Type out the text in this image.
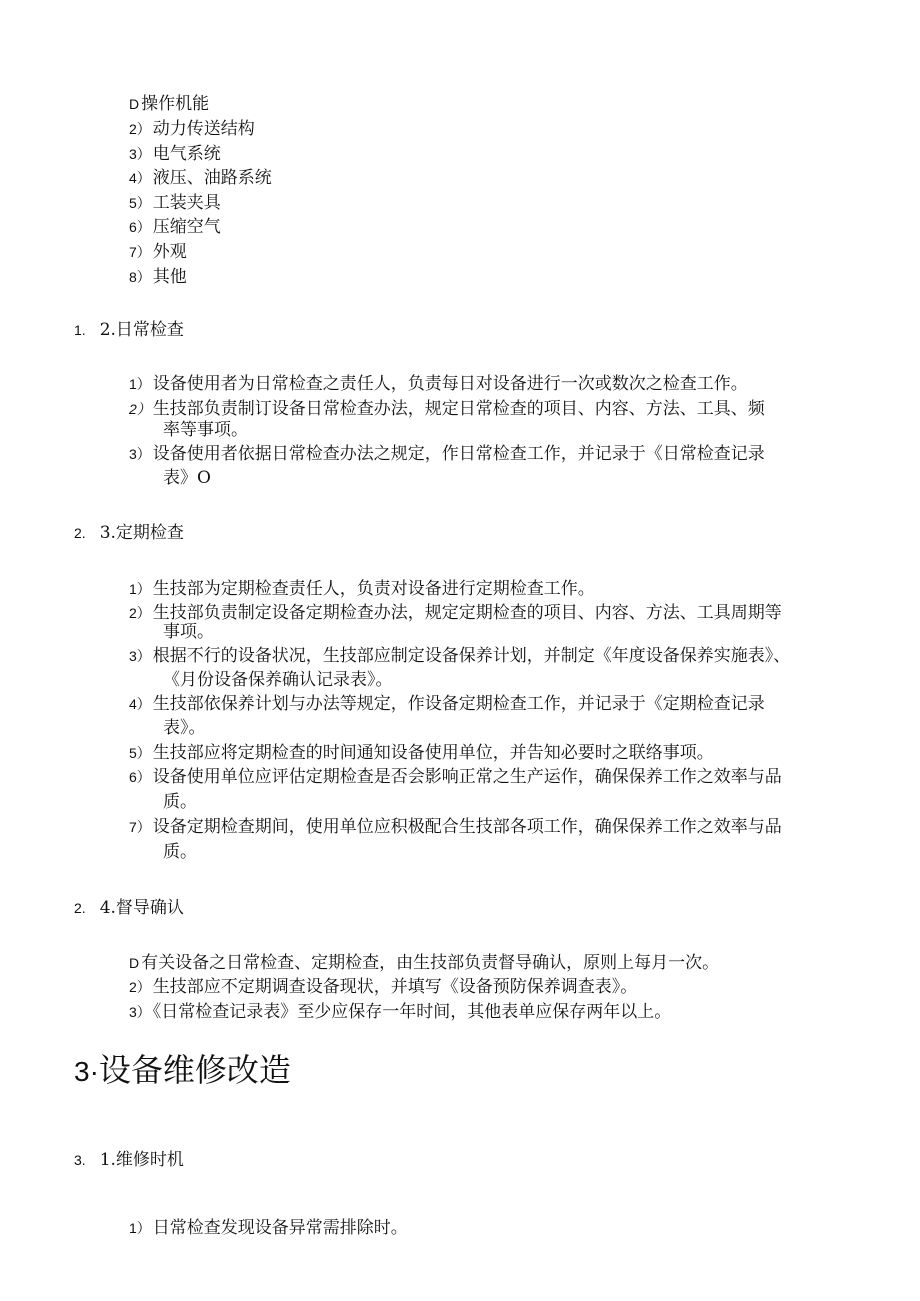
D 操作机能

2） 动力传送结构

3） 电气系统

4） 液压、油路系统

5） 工装夹具

6） 压缩空气

7） 外观

8） 其他

1. 2.日常检查

1） 设备使用者为日常检查之责任人，负责每日对设备进行一次或数次之检查工作。

2） 生技部负责制订设备日常检查办法，规定日常检查的项目、内容、方法、工具、频

率等事项。

3） 设备使用者依据日常检查办法之规定，作日常检查工作，并记录于《日常检查记录

表》O

2. 3.定期检查

1） 生技部为定期检查责任人，负责对设备进行定期检查工作。

2） 生技部负责制定设备定期检查办法，规定定期检查的项目、内容、方法、工具周期等

事项。

3） 根据不行的设备状况，生技部应制定设备保养计划，并制定《年度设备保养实施表》、

《月份设备保养确认记录表》。

4） 生技部依保养计划与办法等规定，作设备定期检查工作，并记录于《定期检查记录

表》。

5） 生技部应将定期检查的时间通知设备使用单位，并告知必要时之联络事项。

6） 设备使用单位应评估定期检查是否会影响正常之生产运作，确保保养工作之效率与品

质。

7） 设备定期检查期间，使用单位应积极配合生技部各项工作，确保保养工作之效率与品

质。

2. 4.督导确认

D 有关设备之日常检查、定期检查，由生技部负责督导确认，原则上每月一次。

2） 生技部应不定期调查设备现状，并填写《设备预防保养调查表》。

3） 《日常检查记录表》至少应保存一年时间，其他表单应保存两年以上。

3·设备维修改造

3. 1.维修时机

1） 日常检查发现设备异常需排除时。
